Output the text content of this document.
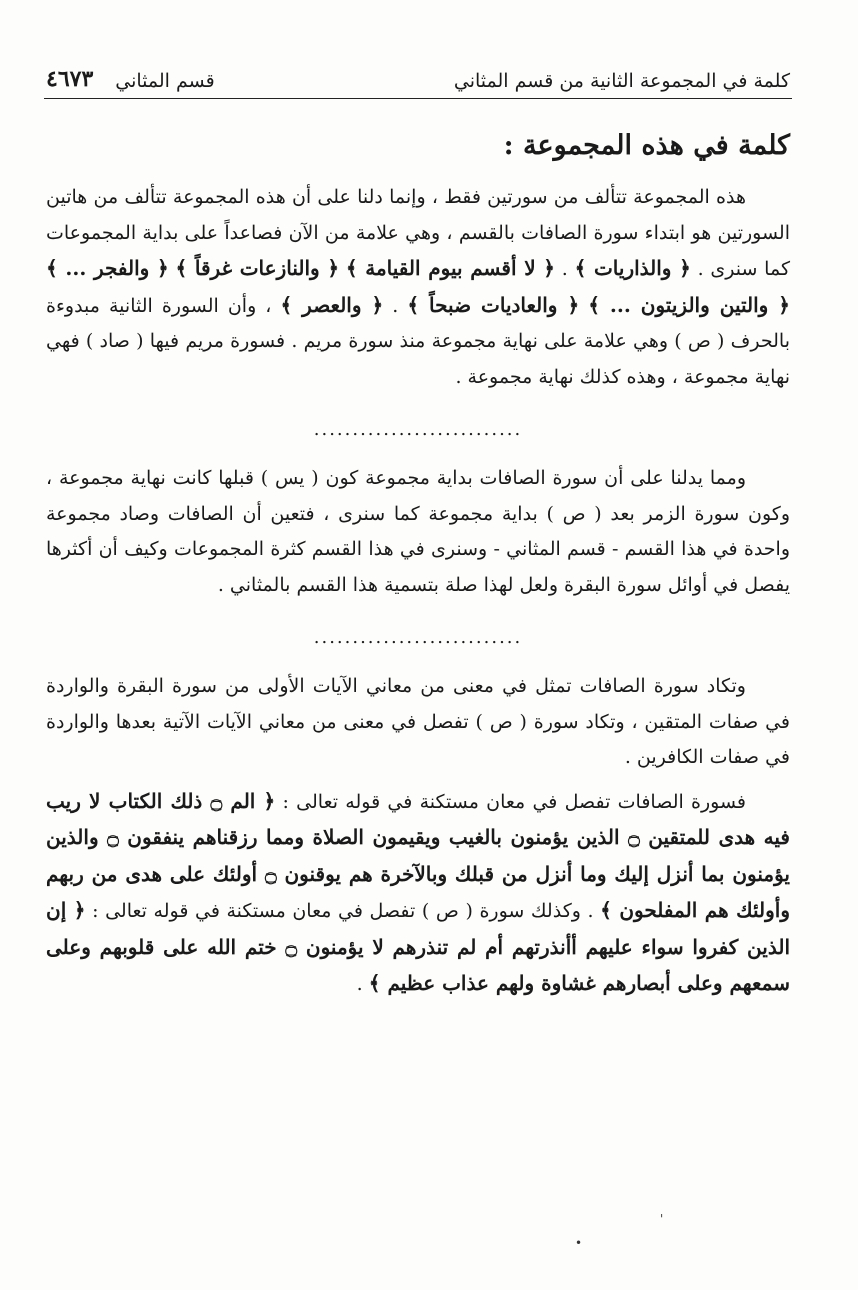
كلمة في المجموعة الثانية من قسم المثاني
قسم المثاني
٤٦٧٣
كلمة في هذه المجموعة :

هذه المجموعة تتألف من سورتين فقط ، وإنما دلنا على أن هذه المجموعة تتألف من هاتين السورتين هو ابتداء سورة الصافات بالقسم ، وهي علامة من الآن فصاعداً على بداية المجموعات كما سنرى . ﴿ والذاريات ﴾ . ﴿ لا أقسم بيوم القيامة ﴾ ﴿ والنازعات غرقاً ﴾ ﴿ والفجر ... ﴾ ﴿ والتين والزيتون ... ﴾ ﴿ والعاديات ضبحاً ﴾ . ﴿ والعصر ﴾ ، وأن السورة الثانية مبدوءة بالحرف ( ص ) وهي علامة على نهاية مجموعة منذ سورة مريم . فسورة مريم فيها ( صاد ) فهي نهاية مجموعة ، وهذه كذلك نهاية مجموعة .

...........................

ومما يدلنا على أن سورة الصافات بداية مجموعة كون ( يس ) قبلها كانت نهاية مجموعة ، وكون سورة الزمر بعد ( ص ) بداية مجموعة كما سنرى ، فتعين أن الصافات وصاد مجموعة واحدة في هذا القسم - قسم المثاني - وسنرى في هذا القسم كثرة المجموعات وكيف أن أكثرها يفصل في أوائل سورة البقرة ولعل لهذا صلة بتسمية هذا القسم بالمثاني .

...........................

وتكاد سورة الصافات تمثل في معنى من معاني الآيات الأولى من سورة البقرة والواردة في صفات المتقين ، وتكاد سورة ( ص ) تفصل في معنى من معاني الآيات الآتية بعدها والواردة في صفات الكافرين .

فسورة الصافات تفصل في معان مستكنة في قوله تعالى : ﴿ الم ۝ ذلك الكتاب لا ريب فيه هدى للمتقين ۝ الذين يؤمنون بالغيب ويقيمون الصلاة ومما رزقناهم ينفقون ۝ والذين يؤمنون بما أنزل إليك وما أنزل من قبلك وبالآخرة هم يوقنون ۝ أولئك على هدى من ربهم وأولئك هم المفلحون ﴾ . وكذلك سورة ( ص ) تفصل في معان مستكنة في قوله تعالى : ﴿ إن الذين كفروا سواء عليهم أأنذرتهم أم لم تنذرهم لا يؤمنون ۝ ختم الله على قلوبهم وعلى سمعهم وعلى أبصارهم غشاوة ولهم عذاب عظيم ﴾ .

'
•
